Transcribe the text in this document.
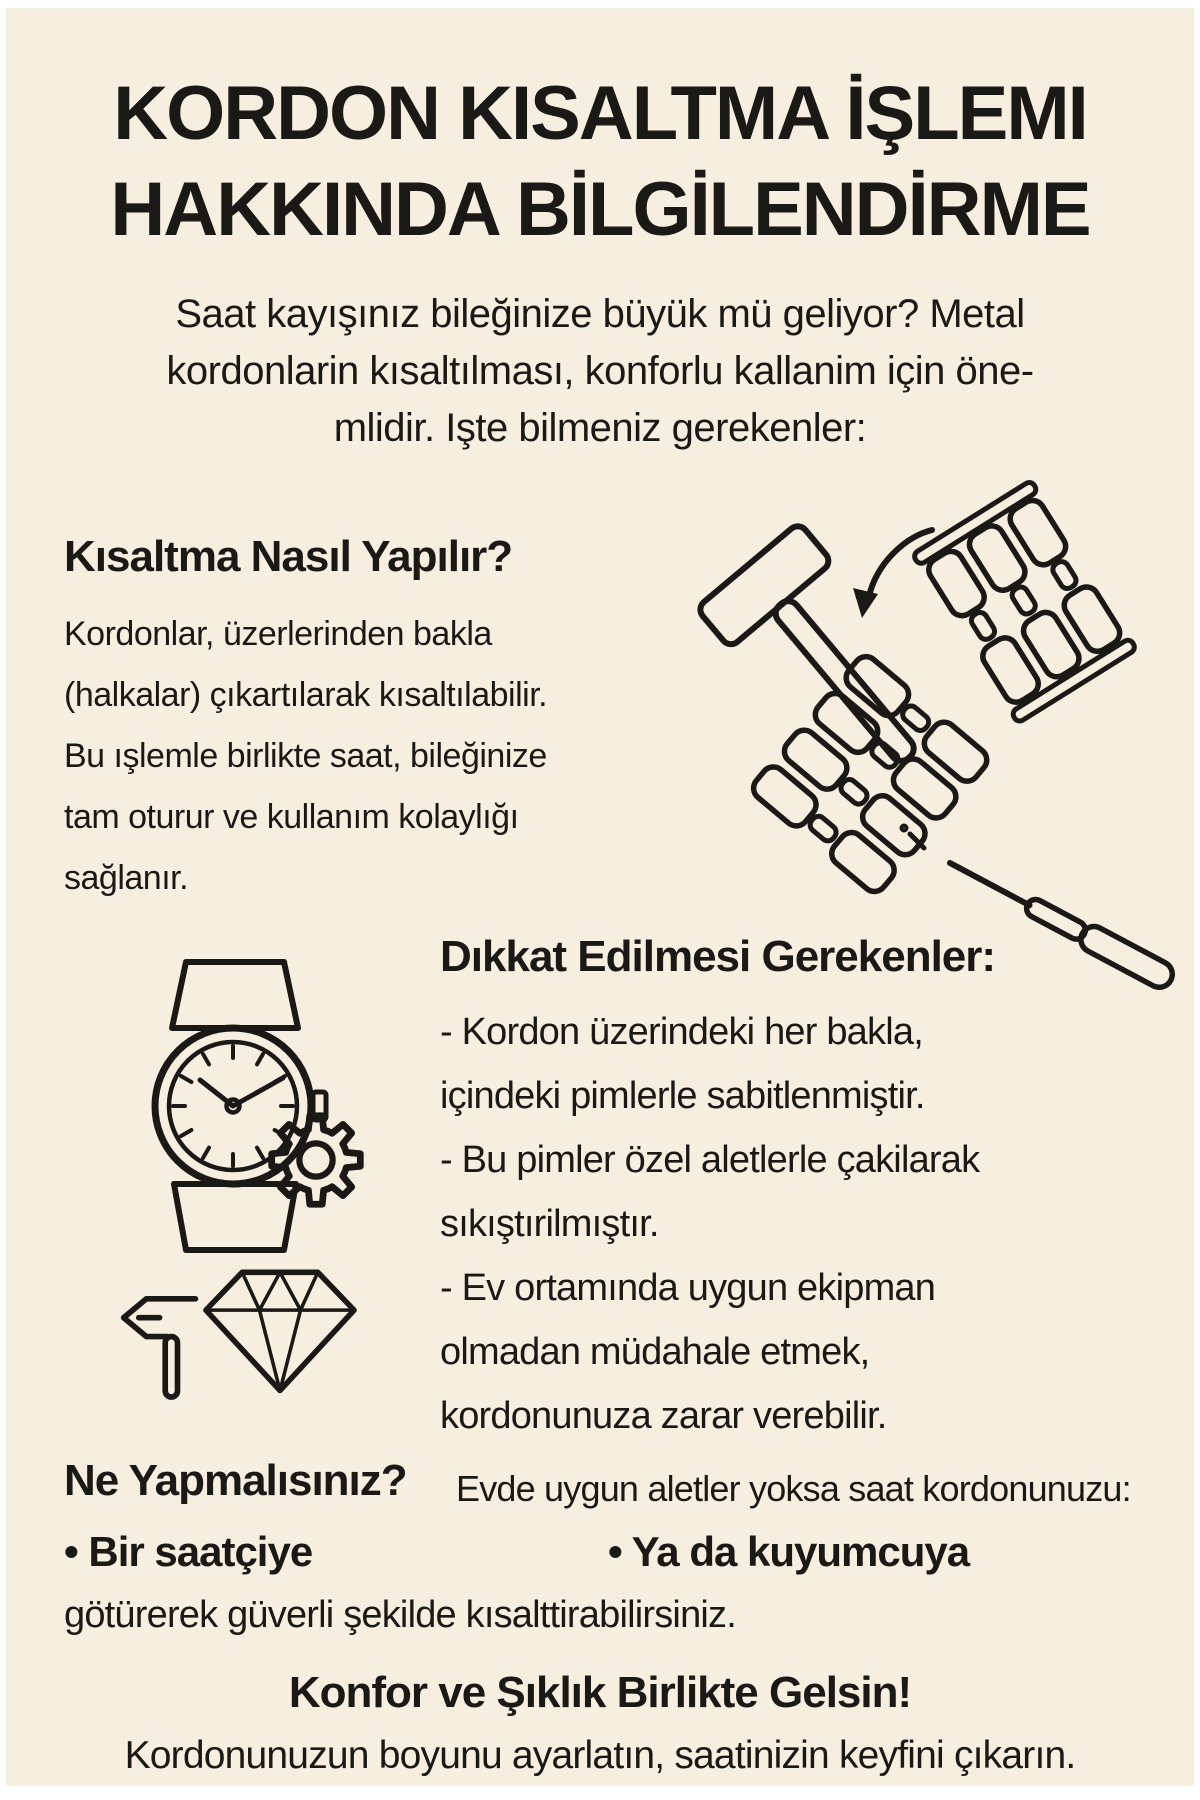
KORDON KISALTMA İŞLEMI
HAKKINDA BİLGİLENDİRME
Saat kayışınız bileğinize büyük mü geliyor? Metal
kordonlarin kısaltılması, konforlu kallanim için öne-
mlidir. Işte bilmeniz gerekenler:
Kısaltma Nasıl Yapılır?
Kordonlar, üzerlerinden bakla
(halkalar) çıkartılarak kısaltılabilir.
Bu ışlemle birlikte saat, bileğinize
tam oturur ve kullanım kolaylığı
sağlanır.
Dıkkat Edilmesi Gerekenler:
- Kordon üzerindeki her bakla,
içindeki pimlerle sabitlenmiştir.
- Bu pimler özel aletlerle çakilarak
sıkıştırilmıştır.
- Ev ortamında uygun ekipman
olmadan müdahale etmek,
kordonunuza zarar verebilir.
Ne Yapmalısınız? Evde uygun aletler yoksa saat kordonunuzu:
• Bir saatçiye	• Ya da kuyumcuya
götürerek güverli şekilde kısalttirabilirsiniz.
Konfor ve Şıklık Birlikte Gelsin!
Kordonunuzun boyunu ayarlatın, saatinizin keyfini çıkarın.
